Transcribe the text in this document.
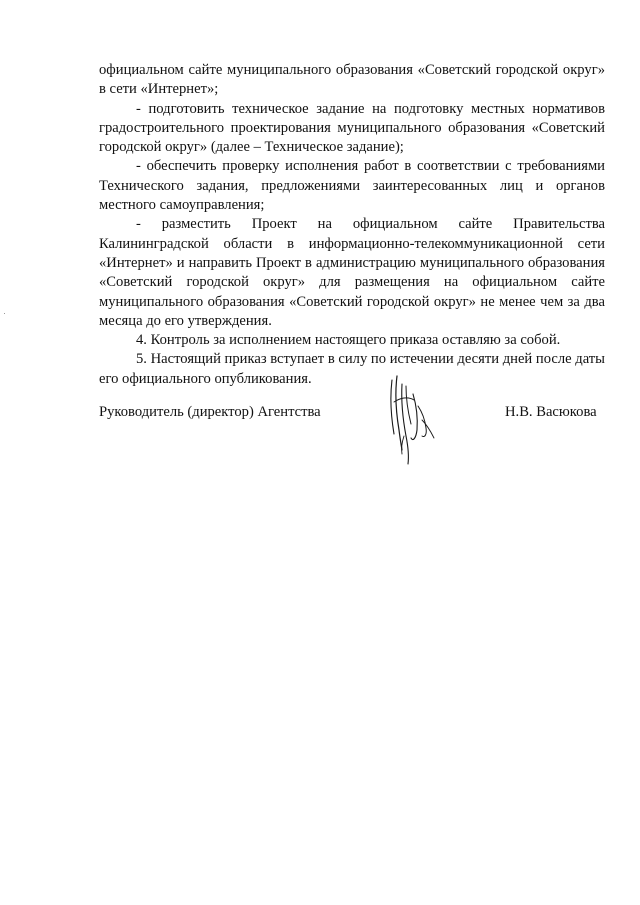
официальном сайте муниципального образования «Советский городской округ» в сети «Интернет»;

- подготовить техническое задание на подготовку местных нормативов градостроительного проектирования муниципального образования «Советский городской округ» (далее – Техническое задание);

- обеспечить проверку исполнения работ в соответствии с требованиями Технического задания, предложениями заинтересованных лиц и органов местного самоуправления;

- разместить Проект на официальном сайте Правительства Калининградской области в информационно-телекоммуникационной сети «Интернет» и направить Проект в администрацию муниципального образования «Советский городской округ» для размещения на официальном сайте муниципального образования «Советский городской округ» не менее чем за два месяца до его утверждения.

4. Контроль за исполнением настоящего приказа оставляю за собой.

5. Настоящий приказ вступает в силу по истечении десяти дней после даты его официального опубликования.

Руководитель (директор) Агентства	Н.В. Васюкова
